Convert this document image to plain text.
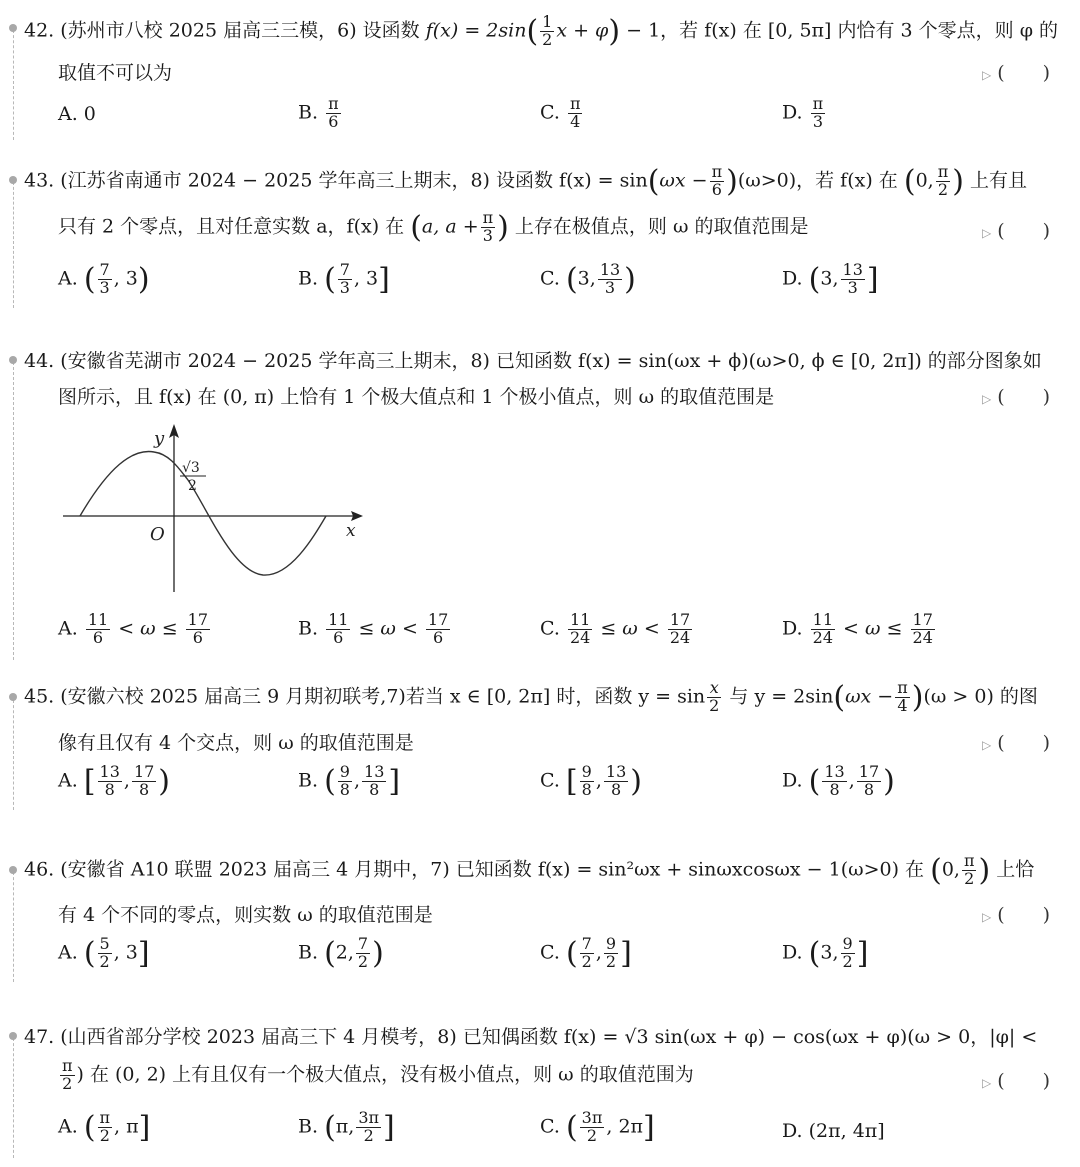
42. (苏州市八校 2025 届高三三模，6) 设函数 $f(x) = 2\sin( \frac{1}{2}$ x + φ) − 1，若 f(x) 在 [0, 5π] 内恰有 3 个零点，则 φ 的
取值不可以为	▷ (　　)
A. 0	B. $\frac{\pi}{6}$	C. $\frac{\pi}{4}$	D. $\frac{\pi}{3}$
43. (江苏省南通市 2024 − 2025 学年高三上期末，8) 设函数 $f(x) = \sin(\omega x - \frac{\pi}{6} )(\omega>0)$，若 f(x) 在 (0, $\frac{\pi}{2}$ ) 上有且
只有 2 个零点，且对任意实数 a，f(x) 在 (a, $a + \frac{\pi}{3}$ ) 上存在极值点，则 ω 的取值范围是	▷ (　　)
A. ( $\frac{7}{3}$ , 3)	B. ( $\frac{7}{3}$ , 3]	C. (3, $\frac{13}{3}$ )	D. (3, $\frac{13}{3}$ ]
44. (安徽省芜湖市 2024 − 2025 学年高三上期末，8) 已知函数 f(x) = sin(ωx + ϕ)(ω>0, ϕ ∈ [0, 2π]) 的部分图象如
图所示，且 f(x) 在 (0, π) 上恰有 1 个极大值点和 1 个极小值点，则 ω 的取值范围是	▷ (　　)
y
x
O
√3
2
A. $\frac{11}{6} < \omega \le \frac{17}{6}$	B. $\frac{11}{6} \le \omega < \frac{17}{6}$	C. $\frac{11}{24} \le \omega < \frac{17}{24}$	D. $\frac{11}{24} < \omega \le \frac{17}{24}$
45. (安徽六校 2025 届高三 9 月期初联考,7)若当 x ∈ [0, 2π] 时，函数 $y = \sin \frac{x}{2}$ 与 $y = 2\sin(\omega x - \frac{\pi}{4} )(\omega > 0)$ 的图
像有且仅有 4 个交点，则 ω 的取值范围是	▷ (　　)
A. [ $\frac{13}{8}$ , $\frac{17}{8}$ )	B. ( $\frac{9}{8}$ , $\frac{13}{8}$ ]	C. [ $\frac{9}{8}$ , $\frac{13}{8}$ )	D. ( $\frac{13}{8}$ , $\frac{17}{8}$ )
46. (安徽省 A10 联盟 2023 届高三 4 月期中，7) 已知函数 f(x) = sin²ωx + sinωxcosωx − 1(ω>0) 在 (0, $\frac{\pi}{2}$ ) 上恰
有 4 个不同的零点，则实数 ω 的取值范围是	▷ (　　)
A. ( $\frac{5}{2}$ , 3]	B. (2, $\frac{7}{2}$ )	C. ( $\frac{7}{2}$ , $\frac{9}{2}$ ]	D. (3, $\frac{9}{2}$ ]
47. (山西省部分学校 2023 届高三下 4 月模考，8) 已知偶函数 f(x) = √3 sin(ωx + φ) − cos(ωx + φ)(ω > 0，|φ| <
$\frac{\pi}{2}$ ) 在 (0, 2) 上有且仅有一个极大值点，没有极小值点，则 ω 的取值范围为	▷ (　　)
A. ( $\frac{\pi}{2}$ , π]	B. (π, $\frac{3\pi}{2}$ ]	C. ( $\frac{3\pi}{2}$ , 2π]	D. (2π, 4π]
